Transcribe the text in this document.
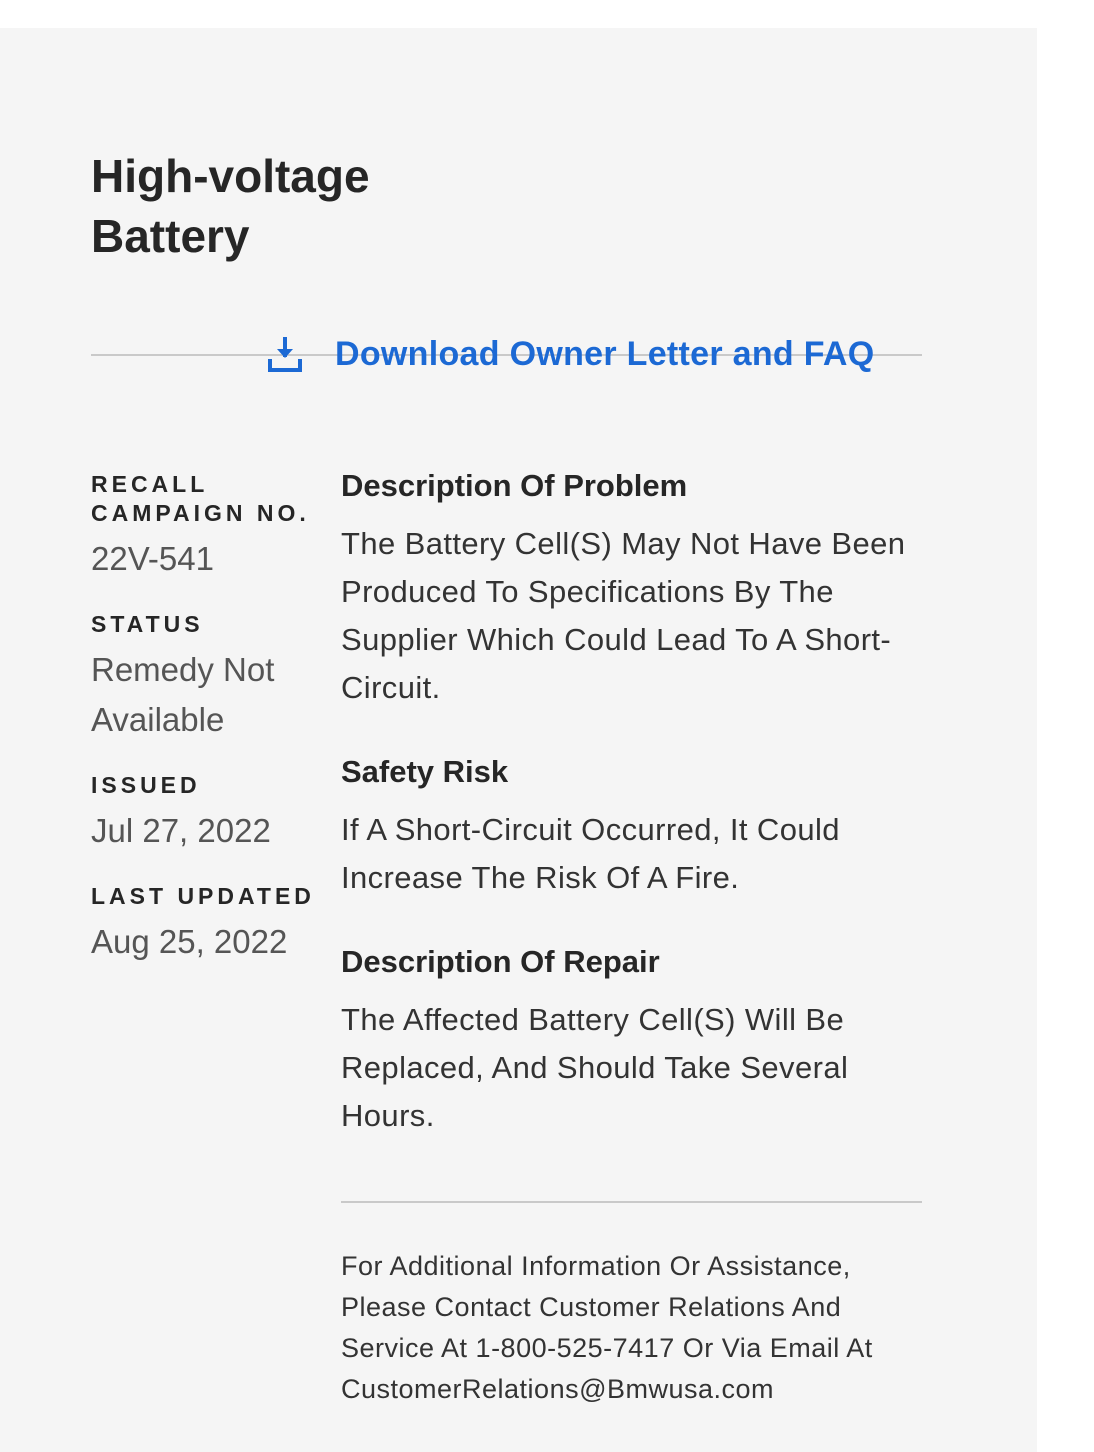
High-voltage Battery
Download Owner Letter and FAQ

RECALL CAMPAIGN NO.

22V-541

STATUS

Remedy Not Available

ISSUED

Jul 27, 2022

LAST UPDATED

Aug 25, 2022

Description Of Problem

The Battery Cell(S) May Not Have Been Produced To Specifications By The Supplier Which Could Lead To A Short-Circuit.

Safety Risk

If A Short-Circuit Occurred, It Could Increase The Risk Of A Fire.

Description Of Repair

The Affected Battery Cell(S) Will Be Replaced, And Should Take Several Hours.

For Additional Information Or Assistance, Please Contact Customer Relations And Service At 1-800-525-7417 Or Via Email At CustomerRelations@Bmwusa.com
